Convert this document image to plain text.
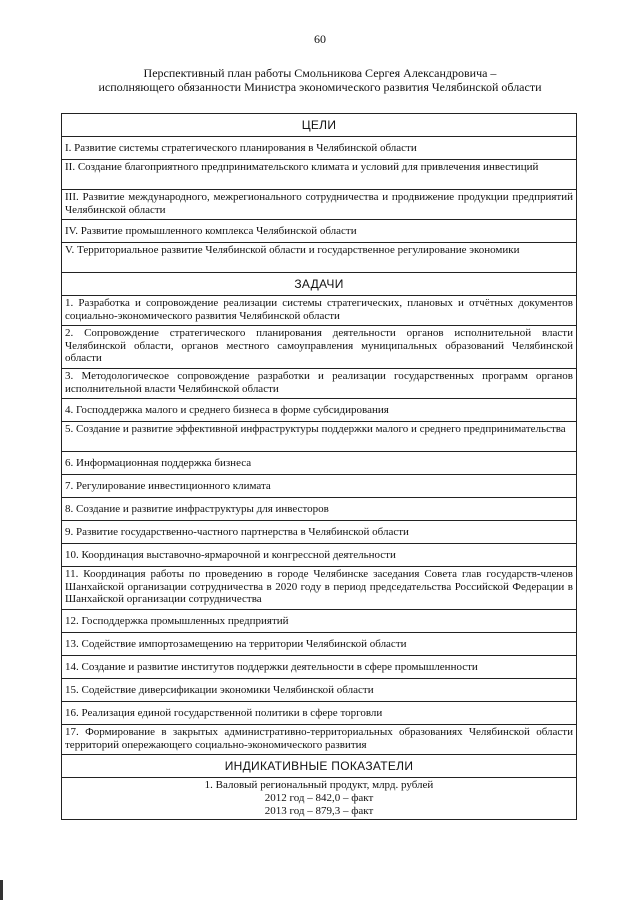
60
Перспективный план работы Смольникова Сергея Александровича –
исполняющего обязанности Министра экономического развития Челябинской области
ЦЕЛИ
I. Развитие системы стратегического планирования в Челябинской области
II. Создание благоприятного предпринимательского климата и условий для привлечения инвестиций
III. Развитие международного, межрегионального сотрудничества и продвижение продукции предприятий Челябинской области
IV. Развитие промышленного комплекса Челябинской области
V. Территориальное развитие Челябинской области и государственное регулирование экономики
ЗАДАЧИ
1. Разработка и сопровождение реализации системы стратегических, плановых и отчётных документов социально-экономического развития Челябинской области
2. Сопровождение стратегического планирования деятельности органов исполнительной власти Челябинской области, органов местного самоуправления муниципальных образований Челябинской области
3. Методологическое сопровождение разработки и реализации государственных программ органов исполнительной власти Челябинской области
4. Господдержка малого и среднего бизнеса в форме субсидирования
5. Создание и развитие эффективной инфраструктуры поддержки малого и среднего предпринимательства
6. Информационная поддержка бизнеса
7. Регулирование инвестиционного климата
8. Создание и развитие инфраструктуры для инвесторов
9. Развитие государственно-частного партнерства в Челябинской области
10. Координация выставочно-ярмарочной и конгрессной деятельности
11. Координация работы по проведению в городе Челябинске заседания Совета глав государств-членов Шанхайской организации сотрудничества в 2020 году в период председательства Российской Федерации в Шанхайской организации сотрудничества
12. Господдержка промышленных предприятий
13. Содействие импортозамещению на территории Челябинской области
14. Создание и развитие институтов поддержки деятельности в сфере промышленности
15. Содействие диверсификации экономики Челябинской области
16. Реализация единой государственной политики в сфере торговли
17. Формирование в закрытых административно-территориальных образованиях Челябинской области территорий опережающего социально-экономического развития
ИНДИКАТИВНЫЕ ПОКАЗАТЕЛИ

1. Валовый региональный продукт, млрд. рублей
2012 год – 842,0 – факт
2013 год – 879,3 – факт
